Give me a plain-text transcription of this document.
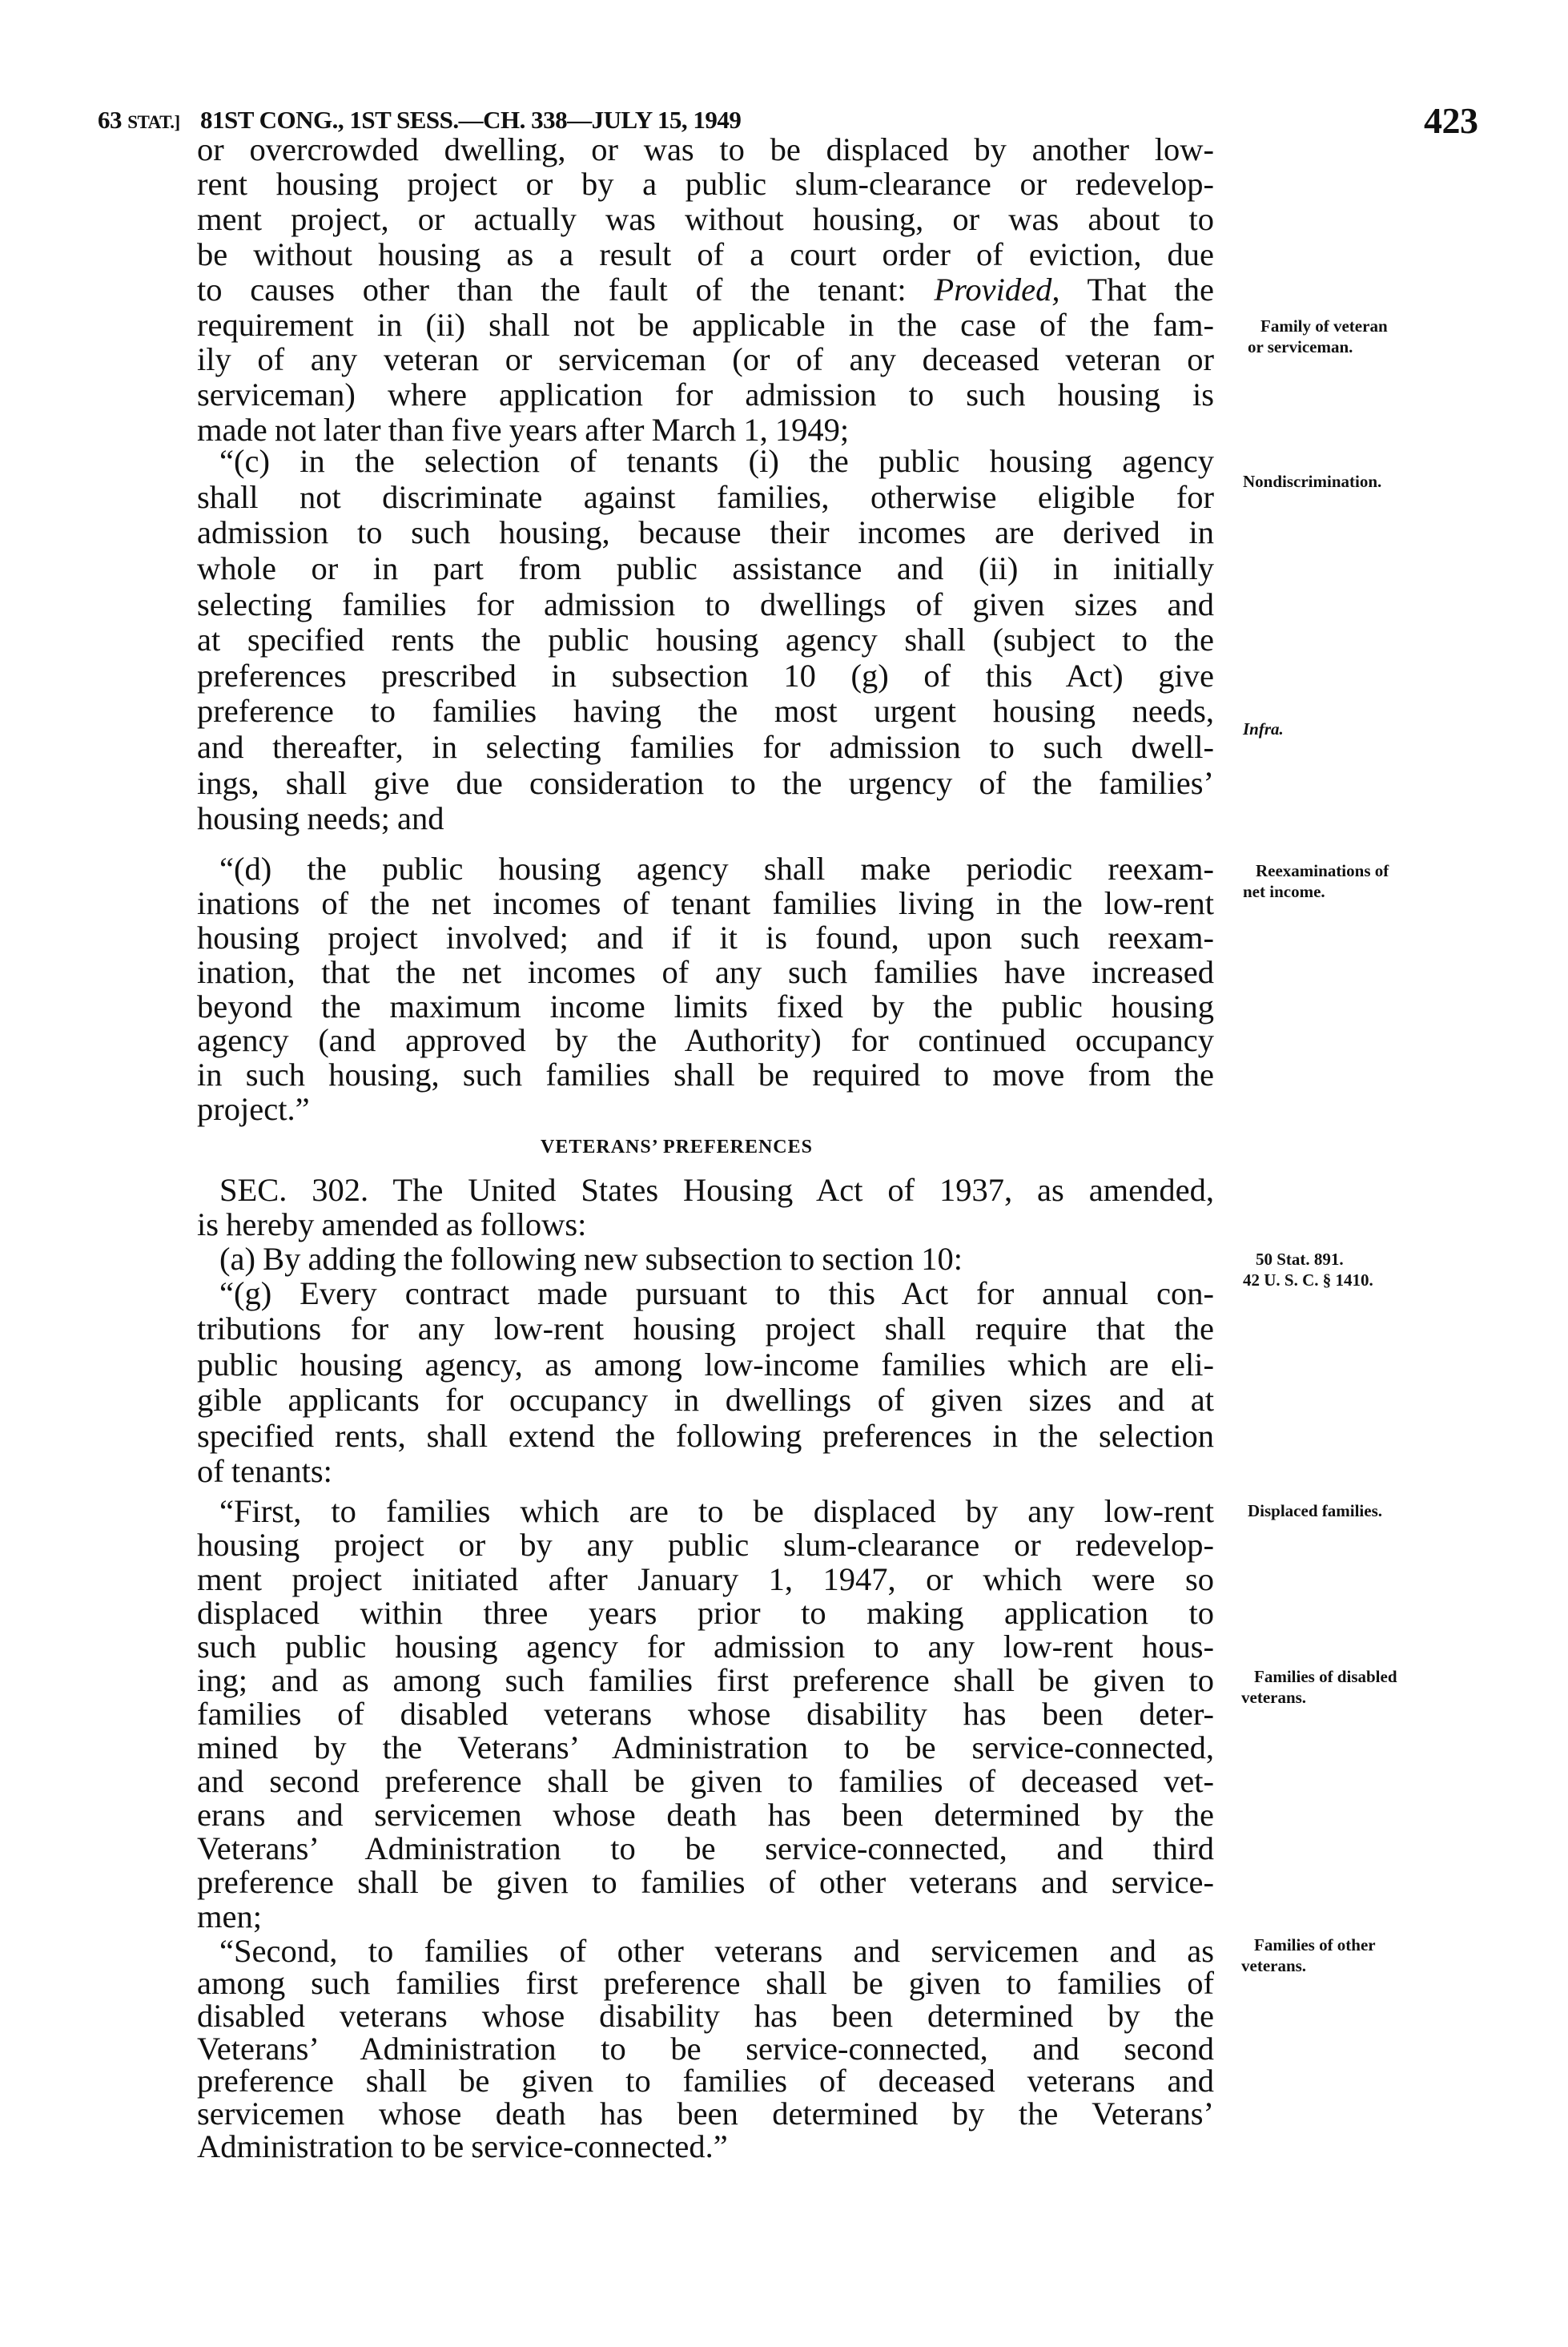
63 STAT.] 81ST CONG., 1ST SESS.—CH. 338—JULY 15, 1949	423
or overcrowded dwelling, or was to be displaced by another low-
rent housing project or by a public slum-clearance or redevelop-
ment project, or actually was without housing, or was about to
be without housing as a result of a court order of eviction, due
to causes other than the fault of the tenant: Provided, That the
requirement in (ii) shall not be applicable in the case of the fam-
ily of any veteran or serviceman (or of any deceased veteran or
serviceman) where application for admission to such housing is
made not later than five years after March 1, 1949;
“(c) in the selection of tenants (i) the public housing agency
shall not discriminate against families, otherwise eligible for
admission to such housing, because their incomes are derived in
whole or in part from public assistance and (ii) in initially
selecting families for admission to dwellings of given sizes and
at specified rents the public housing agency shall (subject to the
preferences prescribed in subsection 10 (g) of this Act) give
preference to families having the most urgent housing needs,
and thereafter, in selecting families for admission to such dwell-
ings, shall give due consideration to the urgency of the families’
housing needs; and
“(d) the public housing agency shall make periodic reexam-
inations of the net incomes of tenant families living in the low-rent
housing project involved; and if it is found, upon such reexam-
ination, that the net incomes of any such families have increased
beyond the maximum income limits fixed by the public housing
agency (and approved by the Authority) for continued occupancy
in such housing, such families shall be required to move from the
project.”
SEC. 302. The United States Housing Act of 1937, as amended,
is hereby amended as follows:
(a) By adding the following new subsection to section 10:
“(g) Every contract made pursuant to this Act for annual con-
tributions for any low-rent housing project shall require that the
public housing agency, as among low-income families which are eli-
gible applicants for occupancy in dwellings of given sizes and at
specified rents, shall extend the following preferences in the selection
of tenants:
“First, to families which are to be displaced by any low-rent
housing project or by any public slum-clearance or redevelop-
ment project initiated after January 1, 1947, or which were so
displaced within three years prior to making application to
such public housing agency for admission to any low-rent hous-
ing; and as among such families first preference shall be given to
families of disabled veterans whose disability has been deter-
mined by the Veterans’ Administration to be service-connected,
and second preference shall be given to families of deceased vet-
erans and servicemen whose death has been determined by the
Veterans’ Administration to be service-connected, and third
preference shall be given to families of other veterans and service-
men;
“Second, to families of other veterans and servicemen and as
among such families first preference shall be given to families of
disabled veterans whose disability has been determined by the
Veterans’ Administration to be service-connected, and second
preference shall be given to families of deceased veterans and
servicemen whose death has been determined by the Veterans’
Administration to be service-connected.”
VETERANS’ PREFERENCES
Family of veteran
or serviceman.
Nondiscrimination.
Infra.
Reexaminations of
net income.
50 Stat. 891.
42 U. S. C. § 1410.
Displaced families.
Families of disabled
veterans.
Families of other
veterans.
